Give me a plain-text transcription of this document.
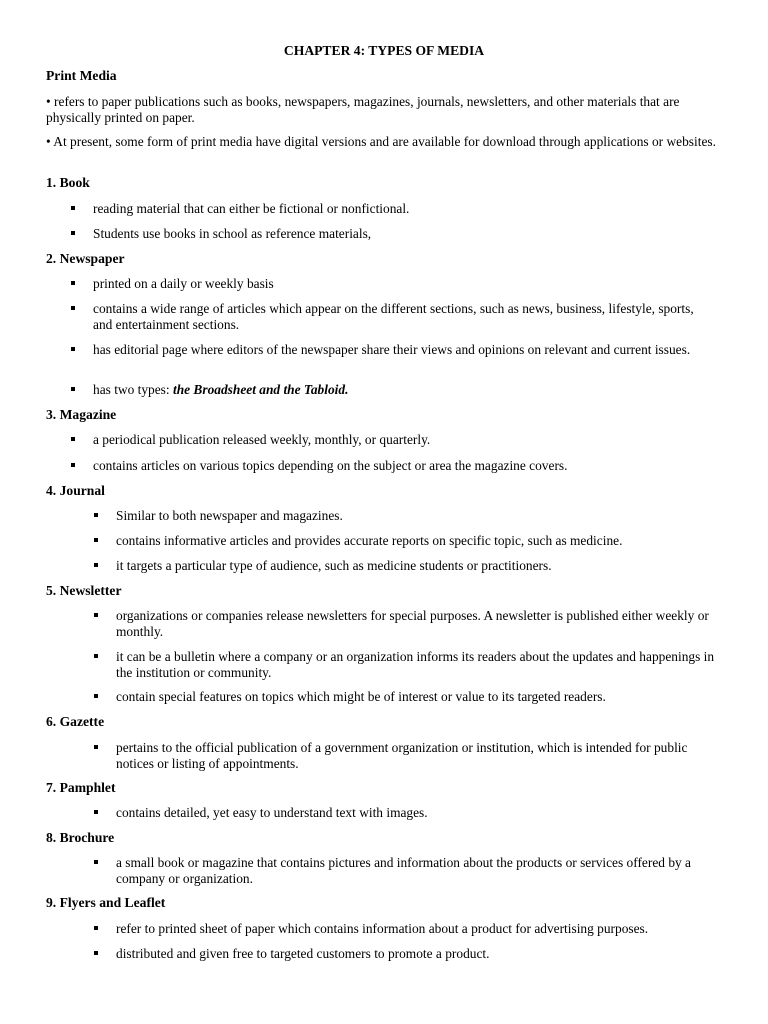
CHAPTER 4: TYPES OF MEDIA
Print Media
• refers to paper publications such as books, newspapers, magazines, journals, newsletters, and other materials that are physically printed on paper.
• At present, some form of print media have digital versions and are available for download through applications or websites.
1. Book
reading material that can either be fictional or nonfictional.
Students use books in school as reference materials,
2. Newspaper
printed on a daily or weekly basis
contains a wide range of articles which appear on the different sections, such as news, business, lifestyle, sports, and entertainment sections.
has editorial page where editors of the newspaper share their views and opinions on relevant and current issues.
has two types: the Broadsheet and the Tabloid.
3. Magazine
a periodical publication released weekly, monthly, or quarterly.
contains articles on various topics depending on the subject or area the magazine covers.
4. Journal
Similar to both newspaper and magazines.
contains informative articles and provides accurate reports on specific topic, such as medicine.
it targets a particular type of audience, such as medicine students or practitioners.
5. Newsletter
organizations or companies release newsletters for special purposes. A newsletter is published either weekly or monthly.
it can be a bulletin where a company or an organization informs its readers about the updates and happenings in the institution or community.
contain special features on topics which might be of interest or value to its targeted readers.
6. Gazette
pertains to the official publication of a government organization or institution, which is intended for public notices or listing of appointments.
7. Pamphlet
contains detailed, yet easy to understand text with images.
8. Brochure
a small book or magazine that contains pictures and information about the products or services offered by a company or organization.
9. Flyers and Leaflet
refer to printed sheet of paper which contains information about a product for advertising purposes.
distributed and given free to targeted customers to promote a product.
